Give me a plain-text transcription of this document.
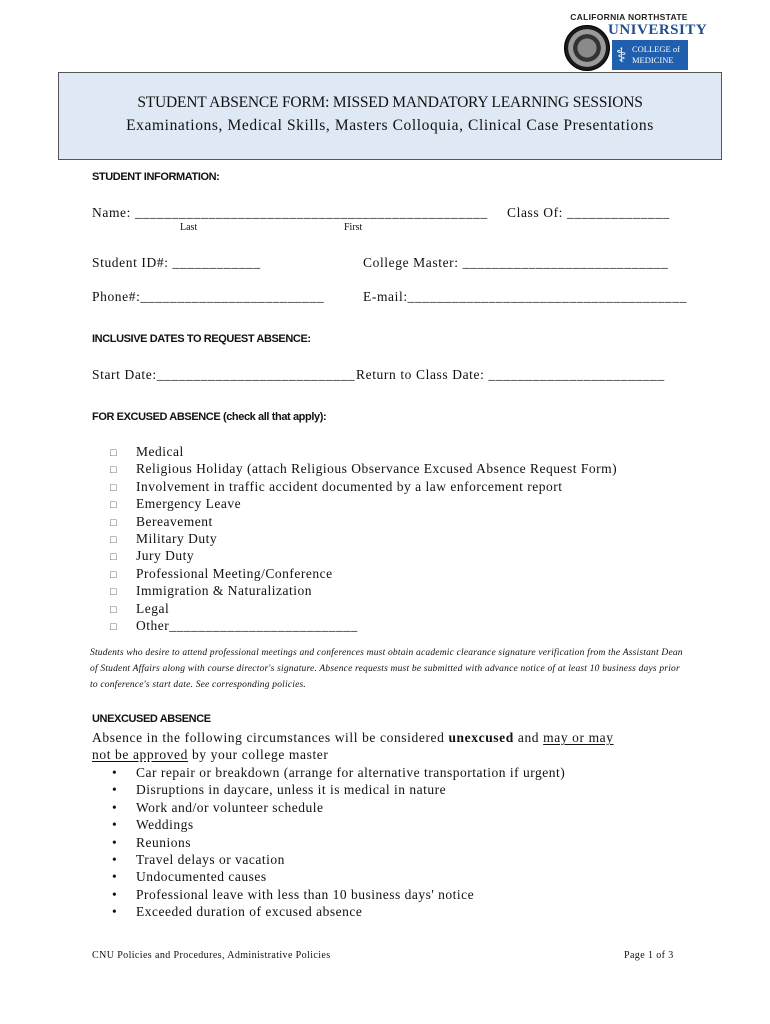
CALIFORNIA NORTHSTATE
UNIVERSITY
⚕ COLLEGE of
MEDICINE
STUDENT ABSENCE FORM: MISSED MANDATORY LEARNING SESSIONS
Examinations, Medical Skills, Masters Colloquia, Clinical Case Presentations
STUDENT INFORMATION:
Name: ________________________________________________ Class Of: ______________
Last	First
Student ID#: ____________	College Master: ____________________________
Phone#:_________________________	E-mail:______________________________________
INCLUSIVE DATES TO REQUEST ABSENCE:
Start Date:___________________________ Return to Class Date: ________________________
FOR EXCUSED ABSENCE (check all that apply):
□ Medical
□ Religious Holiday (attach Religious Observance Excused Absence Request Form)
□ Involvement in traffic accident documented by a law enforcement report
□ Emergency Leave
□ Bereavement
□ Military Duty
□ Jury Duty
□ Professional Meeting/Conference
□ Immigration & Naturalization
□ Legal
□ Other__________________________
Students who desire to attend professional meetings and conferences must obtain academic clearance signature verification from the Assistant Dean of Student Affairs along with course director's signature. Absence requests must be submitted with advance notice of at least 10 business days prior to conference's start date. See corresponding policies.
UNEXCUSED ABSENCE
Absence in the following circumstances will be considered unexcused and may or may
not be approved by your college master
• Car repair or breakdown (arrange for alternative transportation if urgent)
• Disruptions in daycare, unless it is medical in nature
• Work and/or volunteer schedule
• Weddings
• Reunions
• Travel delays or vacation
• Undocumented causes
• Professional leave with less than 10 business days' notice
• Exceeded duration of excused absence
CNU Policies and Procedures, Administrative Policies	Page 1 of 3
